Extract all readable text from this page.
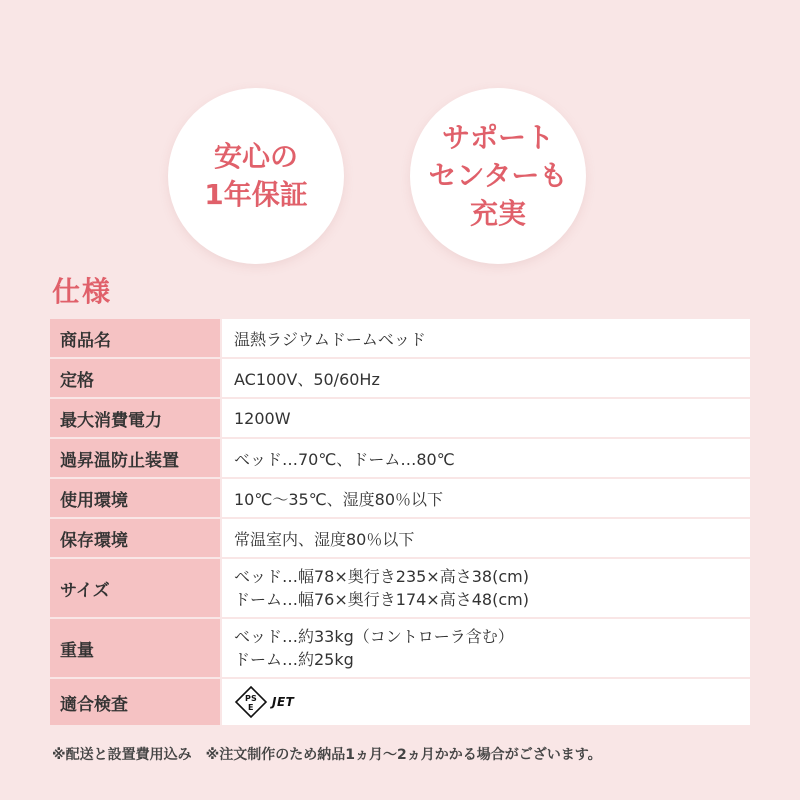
安心の
1年保証
サポート
センターも
充実
仕様
商品名	温熱ラジウムドームベッド
定格	AC100V、50/60Hz
最大消費電力	1200W
過昇温防止装置	ベッド…70℃、ドーム…80℃
使用環境	10℃〜35℃、湿度80％以下
保存環境	常温室内、湿度80％以下
サイズ	ベッド…幅78×奥行き235×高さ38(cm)
ドーム…幅76×奥行き174×高さ48(cm)

重量	ベッド…約33kg（コントローラ含む）
ドーム…約25kg

適合検査	P S
E JET
※配送と設置費用込み　※注文制作のため納品1ヵ月〜2ヵ月かかる場合がございます。
